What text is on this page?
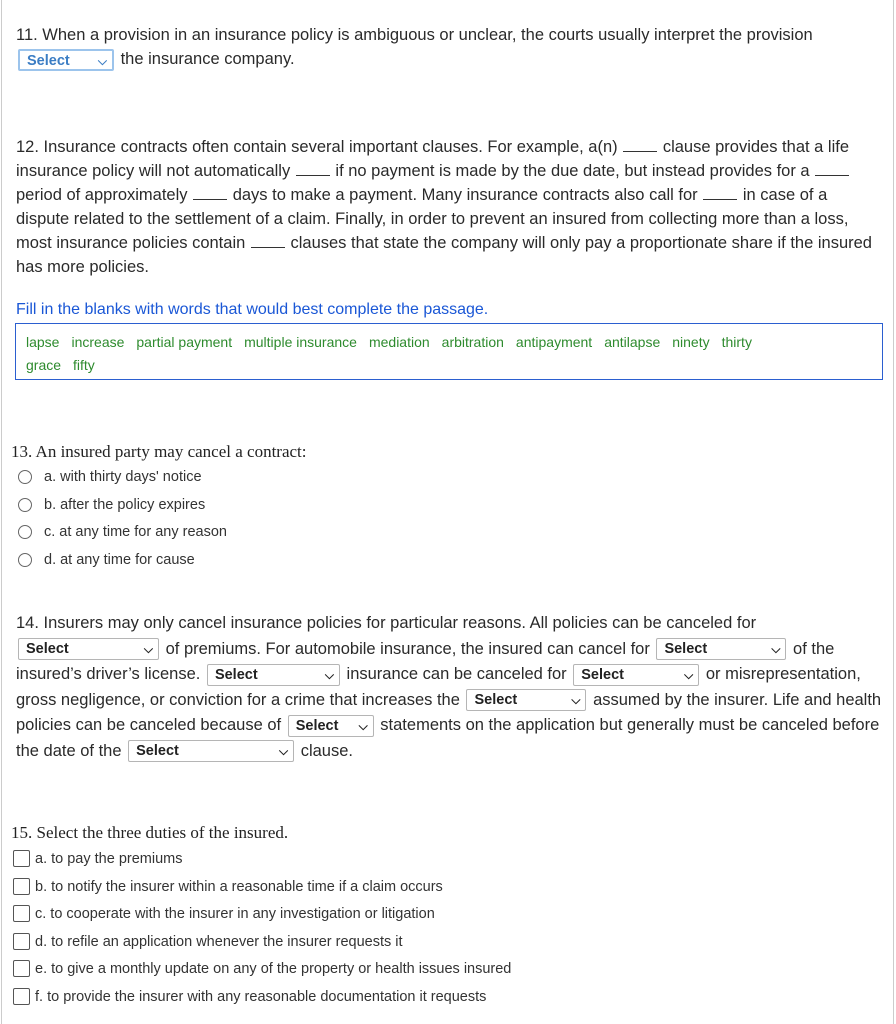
11. When a provision in an insurance policy is ambiguous or unclear, the courts usually interpret the provision Select ⌵ the insurance company.
12. Insurance contracts often contain several important clauses. For example, a(n)	clause provides that a life insurance policy will not automatically	if no payment is made by the due date, but instead provides for a  period of approximately	days to make a payment. Many insurance contracts also call for	in case of a dispute related to the settlement of a claim. Finally, in order to prevent an insured from collecting more than a loss, most insurance policies contain	clauses that state the company will only pay a proportionate share if the insured has more policies.
Fill in the blanks with words that would best complete the passage.
lapse increase partial payment multiple insurance mediation arbitration antipayment antilapse ninety thirty
grace fifty
13. An insured party may cancel a contract:
a. with thirty days' notice
b. after the policy expires
c. at any time for any reason
d. at any time for cause
14. Insurers may only cancel insurance policies for particular reasons. All policies can be canceled for Select	⌵ of premiums. For automobile insurance, the insured can cancel for Select	⌵ of the insured’s driver’s license. Select	⌵ insurance can be canceled for Select	⌵ or misrepresentation, gross negligence, or conviction for a crime that increases the Select	⌵ assumed by the insurer. Life and health policies can be canceled because of Select ⌵ statements on the application but generally must be canceled before the date of the Select	⌵ clause.
15. Select the three duties of the insured.
a. to pay the premiums
b. to notify the insurer within a reasonable time if a claim occurs
c. to cooperate with the insurer in any investigation or litigation
d. to refile an application whenever the insurer requests it
e. to give a monthly update on any of the property or health issues insured
f. to provide the insurer with any reasonable documentation it requests
